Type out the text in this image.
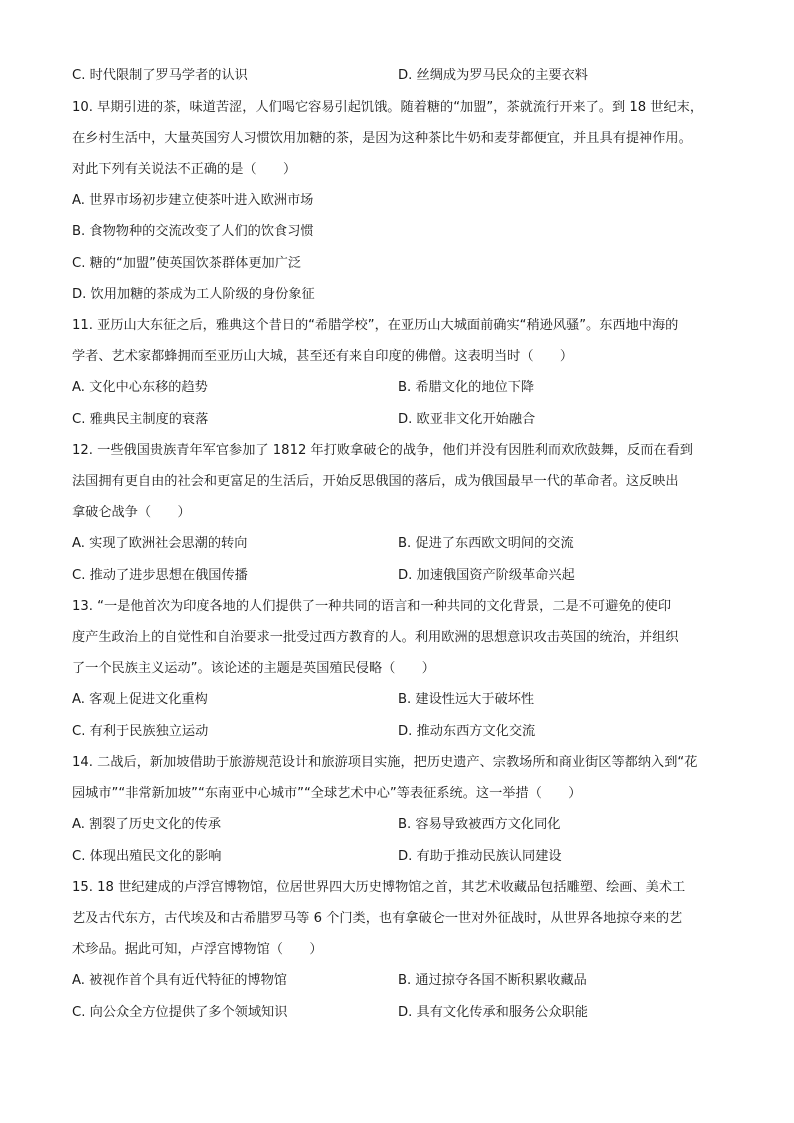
C. 时代限制了罗马学者的认识	D. 丝绸成为罗马民众的主要衣料
10. 早期引进的茶，味道苦涩，人们喝它容易引起饥饿。随着糖的“加盟”，茶就流行开来了。到 18 世纪末，
在乡村生活中，大量英国穷人习惯饮用加糖的茶，是因为这种茶比牛奶和麦芽都便宜，并且具有提神作用。
对此下列有关说法不正确的是（　　）
A. 世界市场初步建立使茶叶进入欧洲市场
B. 食物物种的交流改变了人们的饮食习惯
C. 糖的“加盟”使英国饮茶群体更加广泛
D. 饮用加糖的茶成为工人阶级的身份象征
11. 亚历山大东征之后，雅典这个昔日的“希腊学校”，在亚历山大城面前确实“稍逊风骚”。东西地中海的
学者、艺术家都蜂拥而至亚历山大城，甚至还有来自印度的佛僧。这表明当时（　　）
A. 文化中心东移的趋势	B. 希腊文化的地位下降
C. 雅典民主制度的衰落	D. 欧亚非文化开始融合
12. 一些俄国贵族青年军官参加了 1812 年打败拿破仑的战争，他们并没有因胜利而欢欣鼓舞，反而在看到
法国拥有更自由的社会和更富足的生活后，开始反思俄国的落后，成为俄国最早一代的革命者。这反映出
拿破仑战争（　　）
A. 实现了欧洲社会思潮的转向	B. 促进了东西欧文明间的交流
C. 推动了进步思想在俄国传播	D. 加速俄国资产阶级革命兴起
13. “一是他首次为印度各地的人们提供了一种共同的语言和一种共同的文化背景，二是不可避免的使印
度产生政治上的自觉性和自治要求一批受过西方教育的人。利用欧洲的思想意识攻击英国的统治，并组织
了一个民族主义运动”。该论述的主题是英国殖民侵略（　　）
A. 客观上促进文化重构	B. 建设性远大于破坏性
C. 有利于民族独立运动	D. 推动东西方文化交流
14. 二战后，新加坡借助于旅游规范设计和旅游项目实施，把历史遗产、宗教场所和商业街区等都纳入到“花
园城市”“非常新加坡”“东南亚中心城市”“全球艺术中心”等表征系统。这一举措（　　）
A. 割裂了历史文化的传承	B. 容易导致被西方文化同化
C. 体现出殖民文化的影响	D. 有助于推动民族认同建设
15. 18 世纪建成的卢浮宫博物馆，位居世界四大历史博物馆之首，其艺术收藏品包括雕塑、绘画、美术工
艺及古代东方，古代埃及和古希腊罗马等 6 个门类，也有拿破仑一世对外征战时，从世界各地掠夺来的艺
术珍品。据此可知，卢浮宫博物馆（　　）
A. 被视作首个具有近代特征的博物馆	B. 通过掠夺各国不断积累收藏品
C. 向公众全方位提供了多个领域知识	D. 具有文化传承和服务公众职能
